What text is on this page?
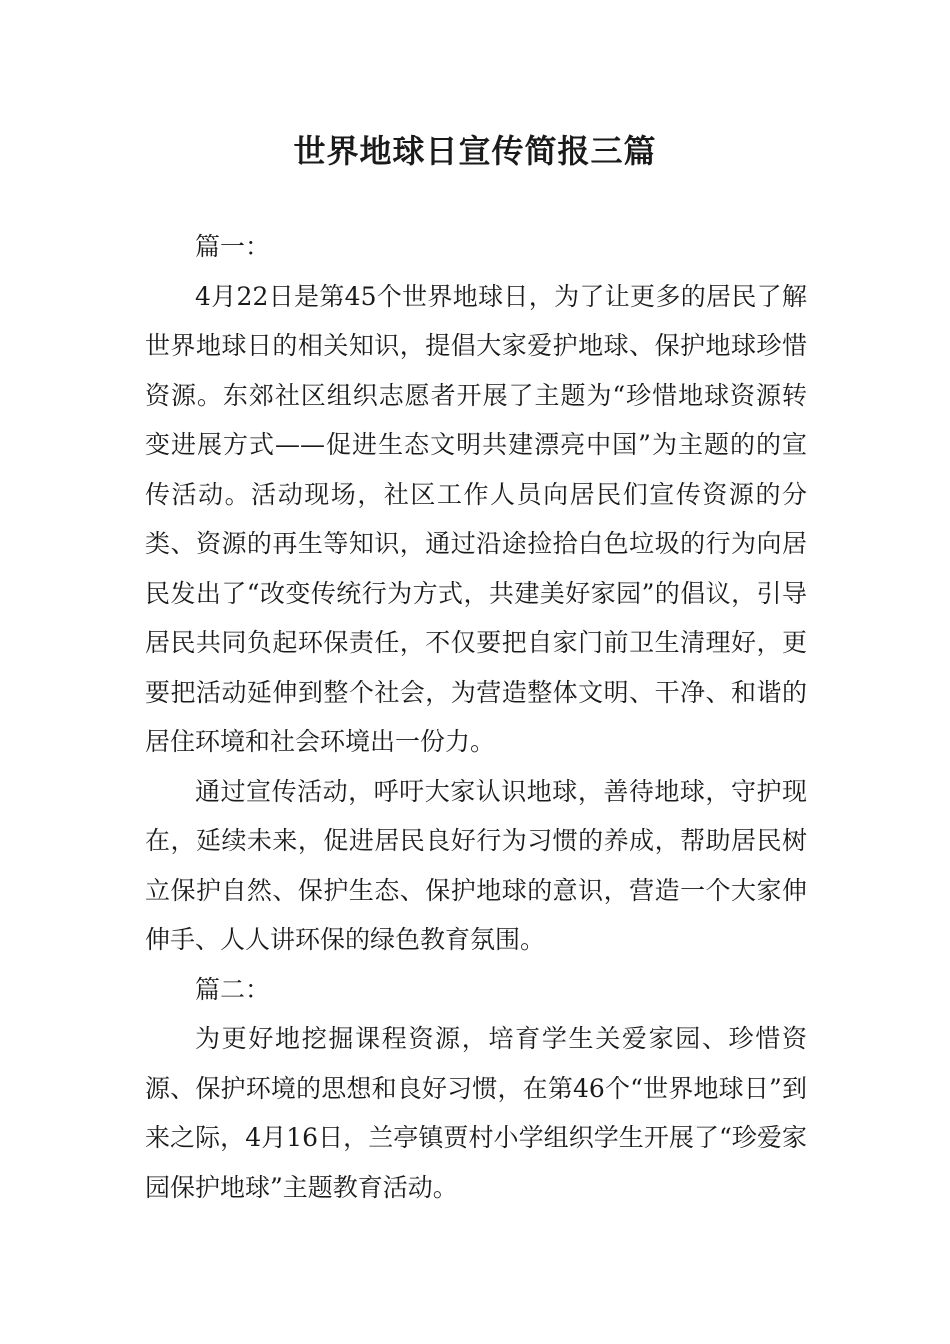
世界地球日宣传简报三篇

篇一：

4月22日是第45个世界地球日，为了让更多的居民了解世界地球日的相关知识，提倡大家爱护地球、保护地球珍惜资源。东郊社区组织志愿者开展了主题为“珍惜地球资源转变进展方式——促进生态文明共建漂亮中国”为主题的的宣传活动。活动现场，社区工作人员向居民们宣传资源的分类、资源的再生等知识，通过沿途捡拾白色垃圾的行为向居民发出了“改变传统行为方式，共建美好家园”的倡议，引导居民共同负起环保责任，不仅要把自家门前卫生清理好，更要把活动延伸到整个社会，为营造整体文明、干净、和谐的居住环境和社会环境出一份力。

通过宣传活动，呼吁大家认识地球，善待地球，守护现在，延续未来，促进居民良好行为习惯的养成，帮助居民树立保护自然、保护生态、保护地球的意识，营造一个大家伸伸手、人人讲环保的绿色教育氛围。

篇二：

为更好地挖掘课程资源，培育学生关爱家园、珍惜资源、保护环境的思想和良好习惯，在第46个“世界地球日”到来之际，4月16日，兰亭镇贾村小学组织学生开展了“珍爱家园保护地球”主题教育活动。
